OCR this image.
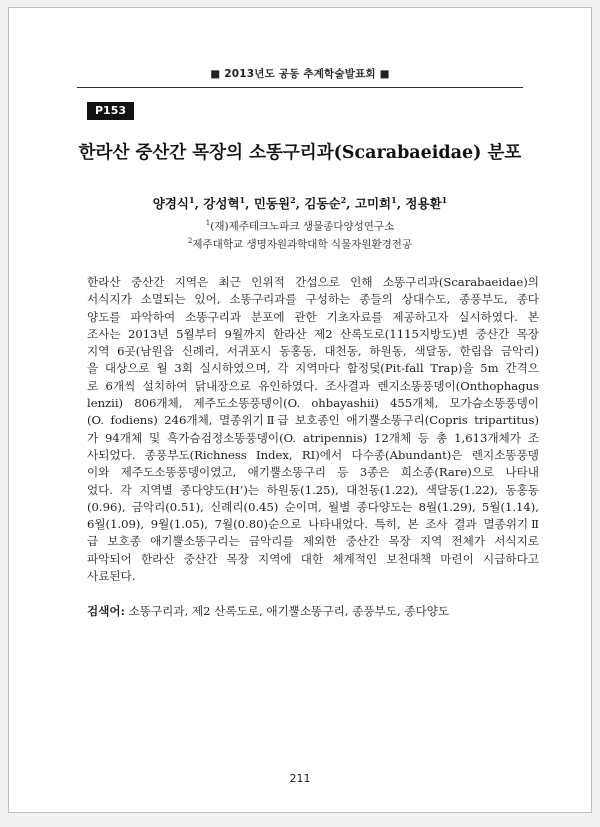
■ 2013년도 공동 추계학술발표회 ■
P153
한라산 중산간 목장의 소똥구리과(Scarabaeidae) 분포
양경식$^1$, 강성혁$^1$, 민동원$^2$, 김동순$^2$, 고미희$^1$, 정용환$^1$
$^1$(재)제주테크노파크 생물종다양성연구소
$^2$제주대학교 생명자원과학대학 식물자원환경전공
한라산 중산간 지역은 최근 인위적 간섭으로 인해 소똥구리과(Scarabaeidae)의
서식지가 소멸되는 있어, 소똥구리과를 구성하는 종들의 상대수도, 종풍부도, 종다
양도를 파악하여 소똥구리과 분포에 관한 기초자료를 제공하고자 실시하였다. 본
조사는 2013년 5월부터 9월까지 한라산 제2 산록도로(1115지방도)변 중산간 목장
지역 6곳(남원읍 신례리, 서귀포시 동홍동, 대천동, 하원동, 색달동, 한림읍 금악리)
을 대상으로 월 3회 실시하였으며, 각 지역마다 함정덫(Pit-fall Trap)을 5m 간격으
로 6개씩 설치하여 닭내장으로 유인하였다. 조사결과 렌지소똥풍뎅이(Onthophagus
lenzii) 806개체, 제주도소똥풍뎅이(O. ohbayashii) 455개체, 모가슴소똥풍뎅이
(O. fodiens) 246개체, 멸종위기Ⅱ급 보호종인 애기뿔소똥구리(Copris tripartitus)
가 94개체 및 흑가슴검정소똥풍뎅이(O. atripennis) 12개체 등 총 1,613개체가 조
사되었다. 종풍부도(Richness Index, RI)에서 다수종(Abundant)은 렌지소똥풍뎅
이와 제주도소똥풍뎅이였고, 애기뿔소똥구리 등 3종은 희소종(Rare)으로 나타내
었다. 각 지역별 종다양도(H’)는 하원동(1.25), 대천동(1.22), 색달동(1.22), 동홍동
(0.96), 금악리(0.51), 신례리(0.45) 순이며, 월별 종다양도는 8월(1.29), 5월(1.14),
6월(1.09), 9월(1.05), 7월(0.80)순으로 나타내었다. 특히, 본 조사 결과 멸종위기Ⅱ
급 보호종 애기뿔소똥구리는 금악리를 제외한 중산간 목장 지역 전체가 서식지로
파악되어 한라산 중산간 목장 지역에 대한 체계적인 보전대책 마련이 시급하다고
사료된다.
검색어: 소똥구리과, 제2 산록도로, 애기뿔소똥구리, 종풍부도, 종다양도
211
